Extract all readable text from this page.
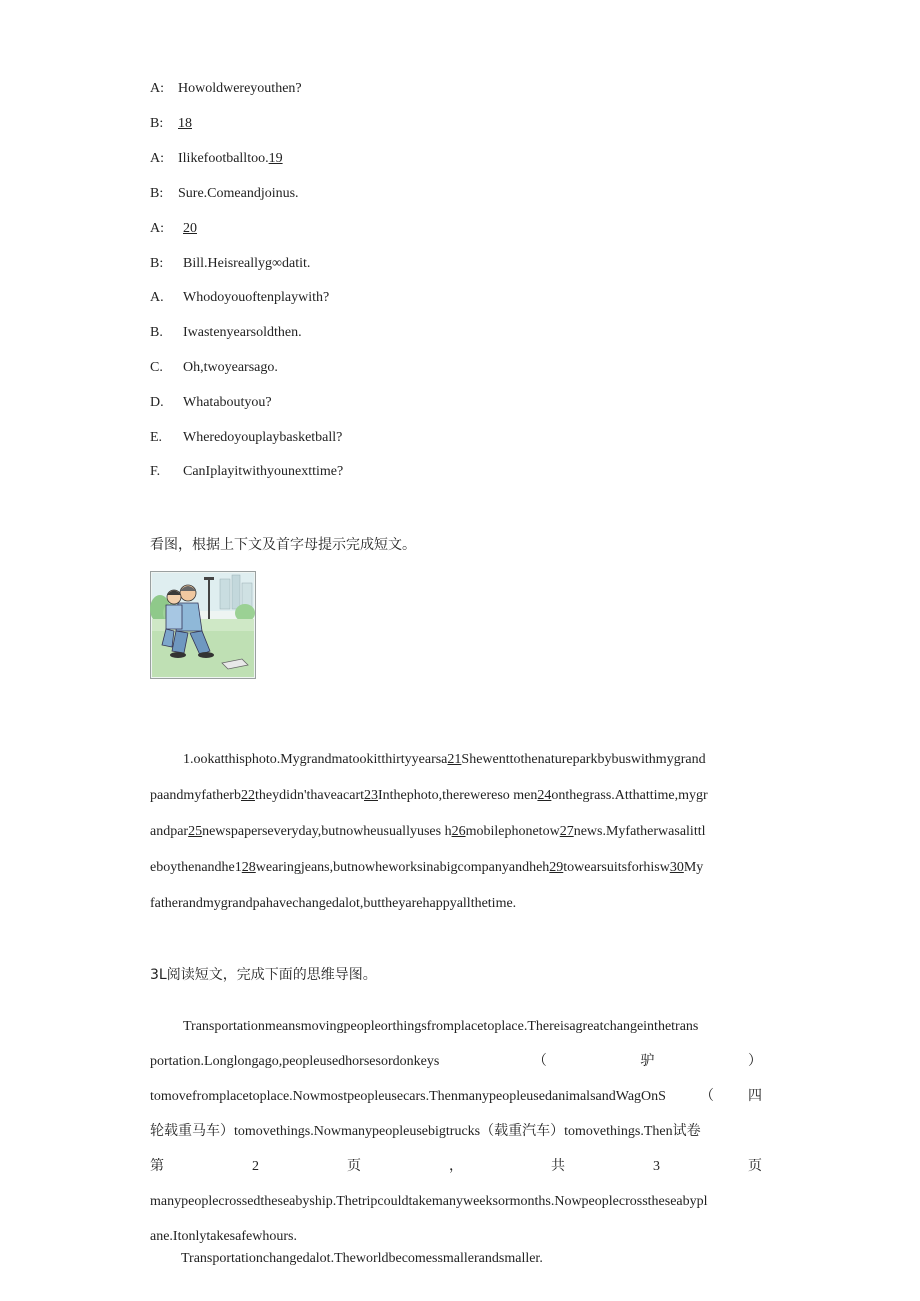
A: Howoldwereyouthen?
B: 18
A: Ilikefootballtoo.19
B: Sure.Comeandjoinus.
A: 20
B: Bill.Heisreallyg∞datit.
A. Whodoyouoftenplaywith?
B. Iwastenyearsoldthen.
C. Oh,twoyearsago.
D. Whataboutyou?
E. Wheredoyouplaybasketball?
F. CanIplayitwithyounexttime?
看图，根据上下文及首字母提示完成短文。
1.ookatthisphoto.Mygrandmatookitthirtyyearsa21Shewenttothenatureparkbybuswithmygrand
paandmyfatherb22theydidn'thaveacart23Inthephoto,therewereso men24onthegrass.Atthattime,mygr
andpar25newspaperseveryday,butnowheusuallyuses h26mobilephonetow27news.Myfatherwasalittl
eboythenandhe128wearingjeans,butnowheworksinabigcompanyandheh29towearsuitsforhisw30My
fatherandmygrandpahavechangedalot,buttheyarehappyallthetime.
3L阅读短文，完成下面的思维导图。
Transportationmeansmovingpeopleorthingsfromplacetoplace.Thereisagreatchangeinthetrans
portation.Longlongago,peopleusedhorsesordonkeys	（	驴	）
tomovefromplacetoplace.Nowmostpeopleusecars.ThenmanypeopleusedanimalsandWagOnS （ 四
轮载重马车）tomovethings.Nowmanypeopleusebigtrucks（载重汽车）tomovethings.Then试卷
第	2	页	，	共	3	页
manypeoplecrossedtheseabyship.Thetripcouldtakemanyweeksormonths.Nowpeoplecrosstheseabypl
ane.Itonlytakesafewhours.
Transportationchangedalot.Theworldbecomessmallerandsmaller.
